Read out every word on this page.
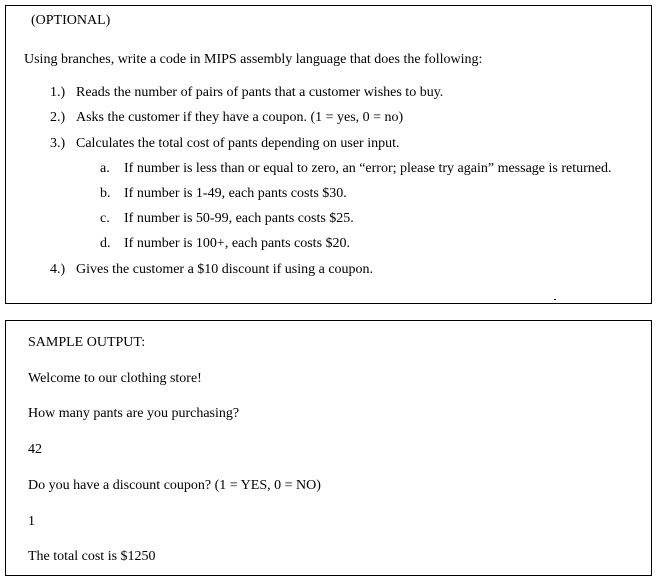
(OPTIONAL)
Using branches, write a code in MIPS assembly language that does the following:
1.) Reads the number of pairs of pants that a customer wishes to buy.
2.) Asks the customer if they have a coupon. (1 = yes, 0 = no)
3.) Calculates the total cost of pants depending on user input.
a. If number is less than or equal to zero, an “error; please try again” message is returned.
b. If number is 1-49, each pants costs $30.
c. If number is 50-99, each pants costs $25.
d. If number is 100+, each pants costs $20.
4.) Gives the customer a $10 discount if using a coupon.
SAMPLE OUTPUT:
Welcome to our clothing store!
How many pants are you purchasing?
42
Do you have a discount coupon? (1 = YES, 0 = NO)
1
The total cost is $1250
